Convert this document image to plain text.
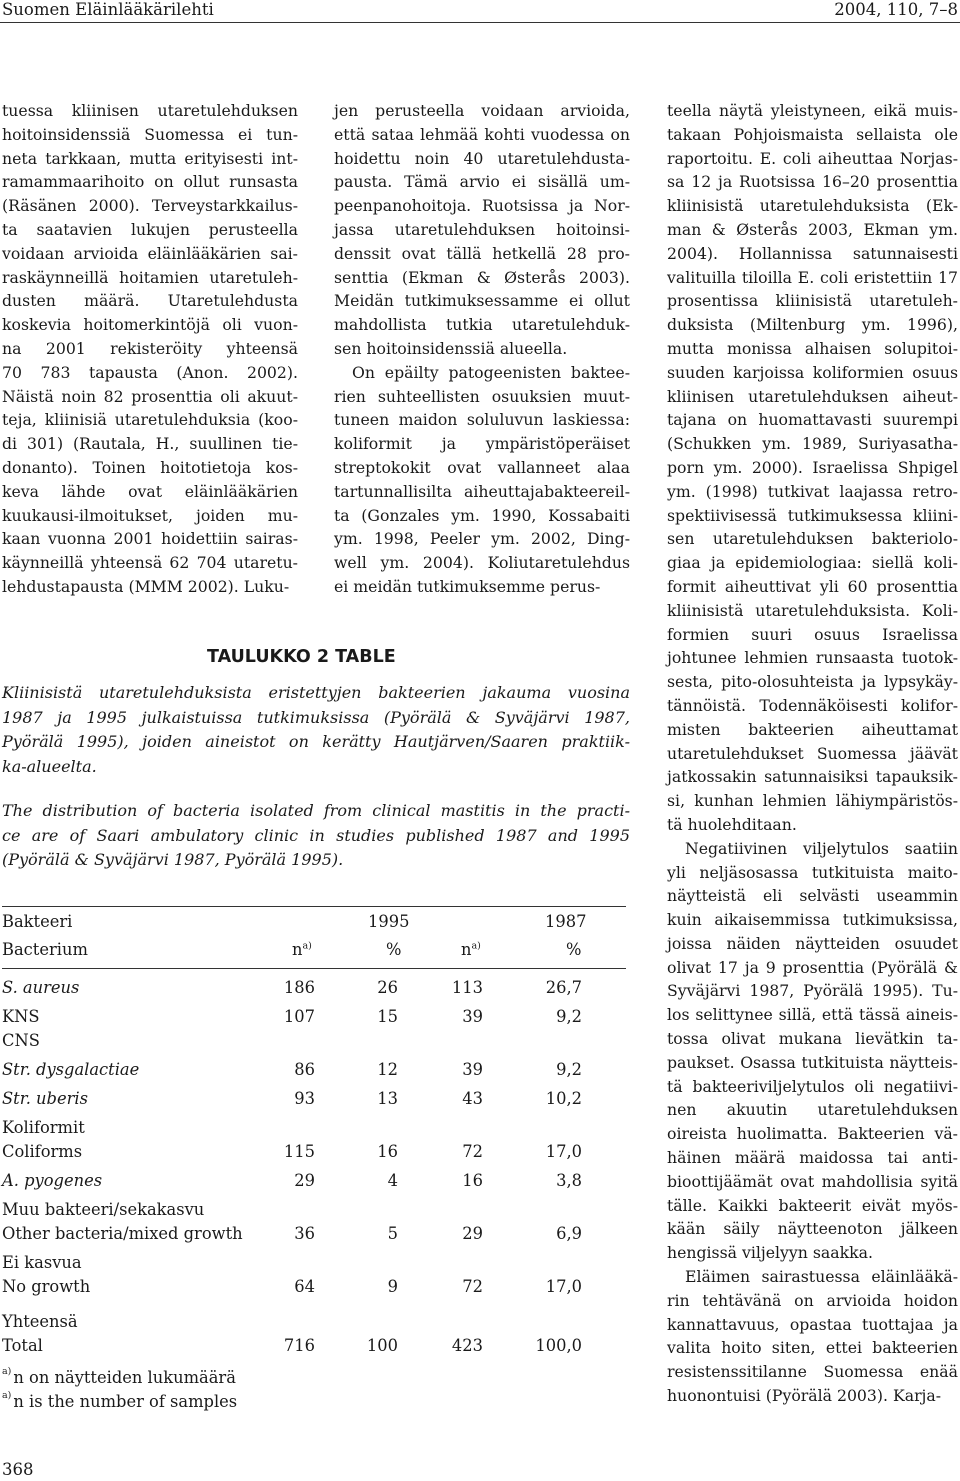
Suomen Eläinlääkärilehti	2004, 110, 7–8
tuessa kliinisen utaretulehduksen
hoitoinsidenssiä Suomessa ei tun-
neta tarkkaan, mutta erityisesti int-
ramammaarihoito on ollut runsasta
(Räsänen 2000). Terveystarkkailus-
ta saatavien lukujen perusteella
voidaan arvioida eläinlääkärien sai-
raskäynneillä hoitamien utaretuleh-
dusten määrä. Utaretulehdusta
koskevia hoitomerkintöjä oli vuon-
na 2001 rekisteröity yhteensä
70 783 tapausta (Anon. 2002).
Näistä noin 82 prosenttia oli akuut-
teja, kliinisiä utaretulehduksia (koo-
di 301) (Rautala, H., suullinen tie-
donanto). Toinen hoitotietoja kos-
keva lähde ovat eläinlääkärien
kuukausi-ilmoitukset, joiden mu-
kaan vuonna 2001 hoidettiin sairas-
käynneillä yhteensä 62 704 utaretu-
lehdustapausta (MMM 2002). Luku-
jen perusteella voidaan arvioida,
että sataa lehmää kohti vuodessa on
hoidettu noin 40 utaretulehdusta-
pausta. Tämä arvio ei sisällä um-
peenpanohoitoja. Ruotsissa ja Nor-
jassa utaretulehduksen hoitoinsi-
denssit ovat tällä hetkellä 28 pro-
senttia (Ekman & Østerås 2003).
Meidän tutkimuksessamme ei ollut
mahdollista tutkia utaretulehduk-
sen hoitoinsidenssiä alueella.
On epäilty patogeenisten baktee-
rien suhteellisten osuuksien muut-
tuneen maidon soluluvun laskiessa:
koliformit ja ympäristöperäiset
streptokokit ovat vallanneet alaa
tartunnallisilta aiheuttajabakteereil-
ta (Gonzales ym. 1990, Kossabaiti
ym. 1998, Peeler ym. 2002, Ding-
well ym. 2004). Koliutaretulehdus
ei meidän tutkimuksemme perus-
teella näytä yleistyneen, eikä muis-
takaan Pohjoismaista sellaista ole
raportoitu. E. coli aiheuttaa Norjas-
sa 12 ja Ruotsissa 16–20 prosenttia
kliinisistä utaretulehduksista (Ek-
man & Østerås 2003, Ekman ym.
2004). Hollannissa satunnaisesti
valituilla tiloilla E. coli eristettiin 17
prosentissa kliinisistä utaretuleh-
duksista (Miltenburg ym. 1996),
mutta monissa alhaisen solupitoi-
suuden karjoissa koliformien osuus
kliinisen utaretulehduksen aiheut-
tajana on huomattavasti suurempi
(Schukken ym. 1989, Suriyasatha-
porn ym. 2000). Israelissa Shpigel
ym. (1998) tutkivat laajassa retro-
spektiivisessä tutkimuksessa kliini-
sen utaretulehduksen bakteriolo-
giaa ja epidemiologiaa: siellä koli-
formit aiheuttivat yli 60 prosenttia
kliinisistä utaretulehduksista. Koli-
formien suuri osuus Israelissa
johtunee lehmien runsaasta tuotok-
sesta, pito-olosuhteista ja lypsykäy-
tännöistä. Todennäköisesti kolifor-
misten bakteerien aiheuttamat
utaretulehdukset Suomessa jäävät
jatkossakin satunnaisiksi tapauksik-
si, kunhan lehmien lähiympäristös-
tä huolehditaan.
Negatiivinen viljelytulos saatiin
yli neljäsosassa tutkituista maito-
näytteistä eli selvästi useammin
kuin aikaisemmissa tutkimuksissa,
joissa näiden näytteiden osuudet
olivat 17 ja 9 prosenttia (Pyörälä &
Syväjärvi 1987, Pyörälä 1995). Tu-
los selittynee sillä, että tässä aineis-
tossa olivat mukana lievätkin ta-
paukset. Osassa tutkituista näytteis-
tä bakteeriviljelytulos oli negatiivi-
nen akuutin utaretulehduksen
oireista huolimatta. Bakteerien vä-
häinen määrä maidossa tai anti-
bioottijäämät ovat mahdollisia syitä
tälle. Kaikki bakteerit eivät myös-
kään säily näytteenoton jälkeen
hengissä viljelyyn saakka.
Eläimen sairastuessa eläinlääkä-
rin tehtävänä on arvioida hoidon
kannattavuus, opastaa tuottajaa ja
valita hoito siten, ettei bakteerien
resistenssitilanne Suomessa enää
huonontuisi (Pyörälä 2003). Karja-
TAULUKKO 2 TABLE
Kliinisistä utaretulehduksista eristettyjen bakteerien jakauma vuosina
1987 ja 1995 julkaistuissa tutkimuksissa (Pyörälä & Syväjärvi 1987,
Pyörälä 1995), joiden aineistot on kerätty Hautjärven/Saaren praktiik-
ka-alueelta.
The distribution of bacteria isolated from clinical mastitis in the practi-
ce are of Saari ambulatory clinic in studies published 1987 and 1995
(Pyörälä & Syväjärvi 1987, Pyörälä 1995).
Bakteeri	1995	1987
Bacterium	$n^{a)}$	%	$n^{a)}$	%
S. aureus	186	26	113	26,7
KNS	107	15	39	9,2
CNS
Str. dysgalactiae	86	12	39	9,2
Str. uberis	93	13	43	10,2
Koliformit
115	16	72	17,0
Coliforms
A. pyogenes	29	4	16	3,8
Muu bakteeri/sekakasvu
36	5	29	6,9
Other bacteria/mixed growth
Ei kasvua
64	9	72	17,0
No growth
Yhteensä
716	100	423	100,0
Total
368
$^{a)}$ n on näytteiden lukumäärä
$^{a)}$ n is the number of samples
